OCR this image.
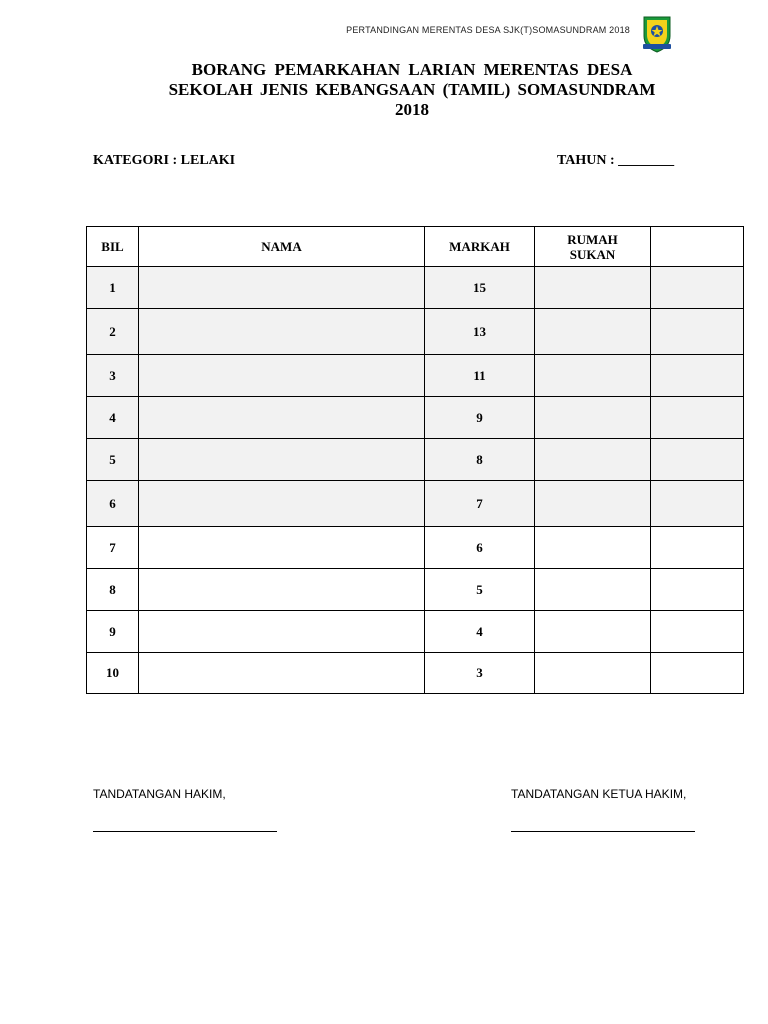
PERTANDINGAN MERENTAS DESA SJK(T)SOMASUNDRAM 2018
BORANG PEMARKAHAN LARIAN MERENTAS DESA
SEKOLAH JENIS KEBANGSAAN (TAMIL) SOMASUNDRAM
2018
KATEGORI : LELAKI	TAHUN : ________
BIL	NAMA	MARKAH	RUMAH
SUKAN	
1		15		
2		13		
3		11		
4		9		
5		8		
6		7		
7		6		
8		5		
9		4		
10		3		
TANDATANGAN HAKIM,	TANDATANGAN KETUA HAKIM,
